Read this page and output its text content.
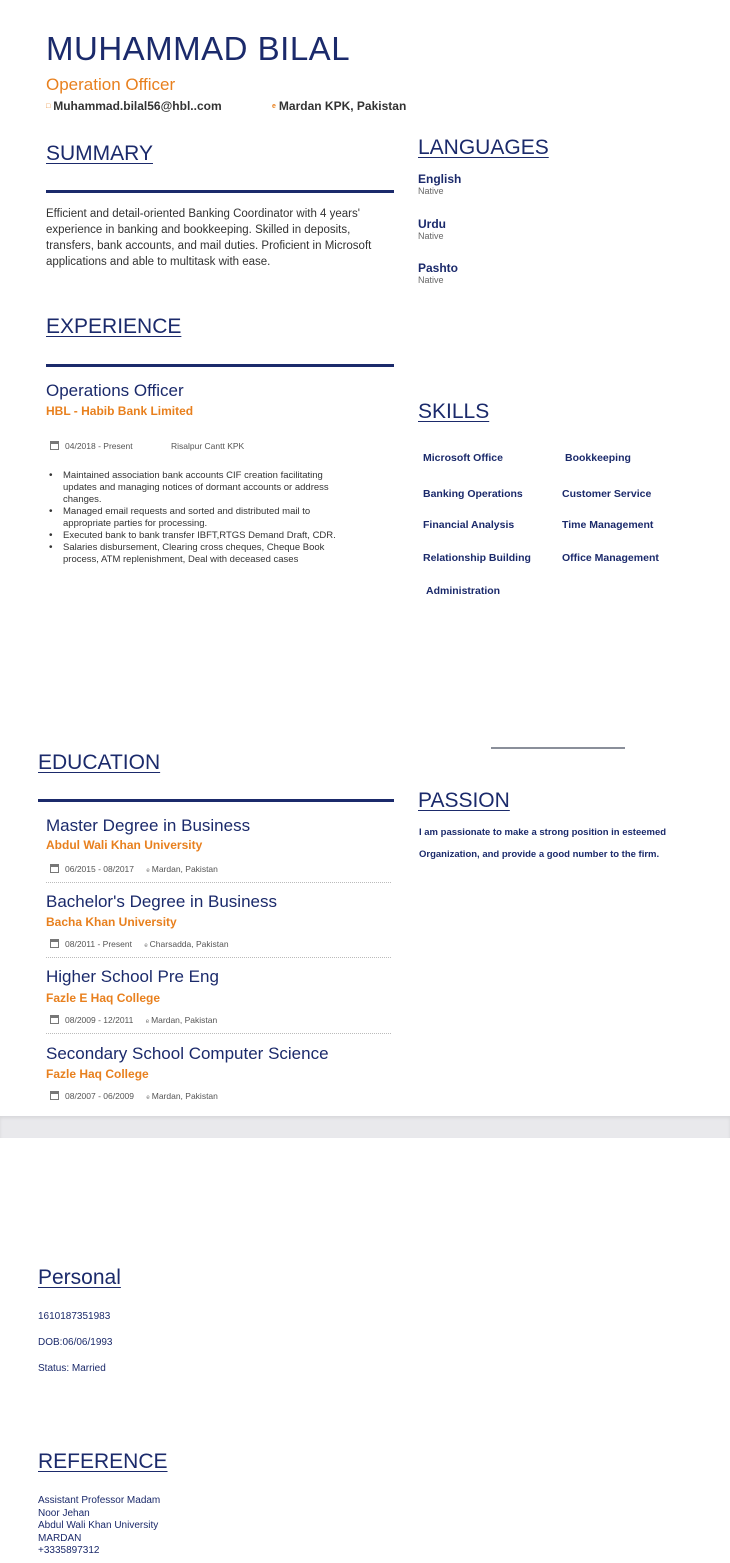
MUHAMMAD BILAL
Operation Officer
□ Muhammad.bilal56@hbl..com	e Mardan KPK, Pakistan
SUMMARY
Efficient and detail-oriented Banking Coordinator with 4 years' experience in banking and bookkeeping. Skilled in deposits, transfers, bank accounts, and mail duties. Proficient in Microsoft applications and able to multitask with ease.
LANGUAGES
English
Native
Urdu
Native
Pashto
Native
EXPERIENCE
Operations Officer
HBL - Habib Bank Limited
04/2018 - Present	Risalpur Cantt KPK
• Maintained association bank accounts CIF creation facilitating updates and managing notices of dormant accounts or address changes.
• Managed email requests and sorted and distributed mail to appropriate parties for processing.
• Executed bank to bank transfer IBFT,RTGS Demand Draft, CDR.
• Salaries disbursement, Clearing cross cheques, Cheque Book process, ATM replenishment, Deal with deceased cases
SKILLS
Microsoft Office	Bookkeeping
Banking Operations	Customer Service
Financial Analysis	Time Management
Relationship Building	Office Management
Administration
EDUCATION
Master Degree in Business
Abdul Wali Khan University
06/2015 - 08/2017 e Mardan, Pakistan
Bachelor's Degree in Business
Bacha Khan University
08/2011 - Present e Charsadda, Pakistan
Higher School Pre Eng
Fazle E Haq College
08/2009 - 12/2011 e Mardan, Pakistan
Secondary School Computer Science
Fazle Haq College
08/2007 - 06/2009 e Mardan, Pakistan
PASSION
I am passionate to make a strong position in esteemed Organization, and provide a good number to the firm.
Personal
1610187351983
DOB:06/06/1993
Status: Married
REFERENCE
Assistant Professor Madam
Noor Jehan
Abdul Wali Khan University
MARDAN
+3335897312
